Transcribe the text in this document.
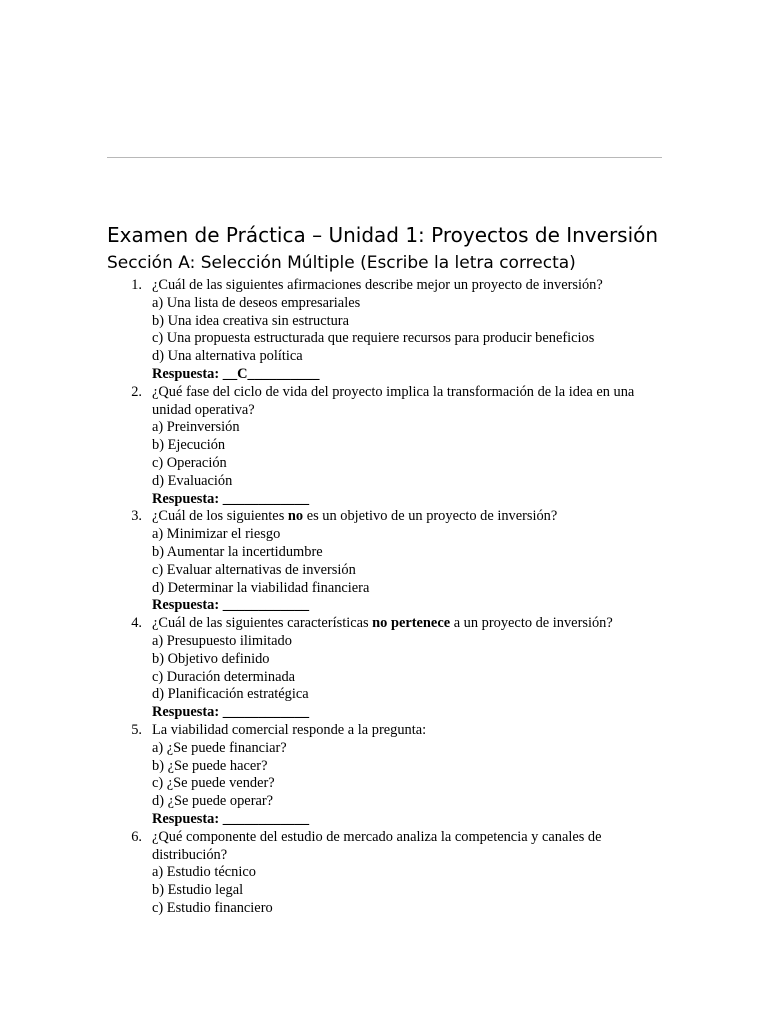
Examen de Práctica – Unidad 1: Proyectos de Inversión
Sección A: Selección Múltiple (Escribe la letra correcta)
1. ¿Cuál de las siguientes afirmaciones describe mejor un proyecto de inversión?
a) Una lista de deseos empresariales
b) Una idea creativa sin estructura
c) Una propuesta estructurada que requiere recursos para producir beneficios
d) Una alternativa política
Respuesta: __C__________
2. ¿Qué fase del ciclo de vida del proyecto implica la transformación de la idea en una unidad operativa?
a) Preinversión
b) Ejecución
c) Operación
d) Evaluación
Respuesta: ____________
3. ¿Cuál de los siguientes no es un objetivo de un proyecto de inversión?
a) Minimizar el riesgo
b) Aumentar la incertidumbre
c) Evaluar alternativas de inversión
d) Determinar la viabilidad financiera
Respuesta: ____________
4. ¿Cuál de las siguientes características no pertenece a un proyecto de inversión?
a) Presupuesto ilimitado
b) Objetivo definido
c) Duración determinada
d) Planificación estratégica
Respuesta: ____________
5. La viabilidad comercial responde a la pregunta:
a) ¿Se puede financiar?
b) ¿Se puede hacer?
c) ¿Se puede vender?
d) ¿Se puede operar?
Respuesta: ____________
6. ¿Qué componente del estudio de mercado analiza la competencia y canales de distribución?
a) Estudio técnico
b) Estudio legal
c) Estudio financiero
